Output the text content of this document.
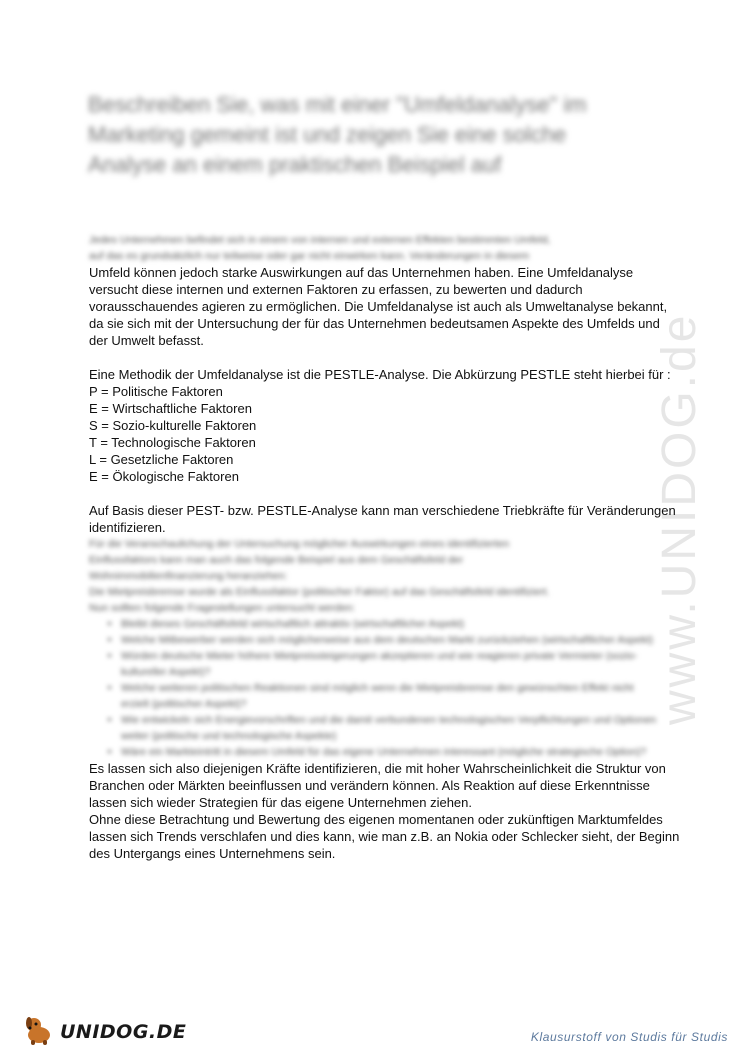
www.UNIDOG.de
Beschreiben Sie, was mit einer "Umfeldanalyse" im Marketing gemeint ist und zeigen Sie eine solche Analyse an einem praktischen Beispiel auf
Jedes Unternehmen befindet sich in einem von internen und externen Effekten bestimmten Umfeld,
auf das es grundsätzlich nur teilweise oder gar nicht einwirken kann. Veränderungen in diesem
Umfeld können jedoch starke Auswirkungen auf das Unternehmen haben. Eine Umfeldanalyse
versucht diese internen und externen Faktoren zu erfassen, zu bewerten und dadurch
vorausschauendes agieren zu ermöglichen. Die Umfeldanalyse ist auch als Umweltanalyse bekannt,
da sie sich mit der Untersuchung der für das Unternehmen bedeutsamen Aspekte des Umfelds und
der Umwelt befasst.
Eine Methodik der Umfeldanalyse ist die PESTLE-Analyse. Die Abkürzung PESTLE steht hierbei für :
P = Politische Faktoren
E = Wirtschaftliche Faktoren
S = Sozio-kulturelle Faktoren
T = Technologische Faktoren
L = Gesetzliche Faktoren
E = Ökologische Faktoren
Auf Basis dieser PEST- bzw. PESTLE-Analyse kann man verschiedene Triebkräfte für Veränderungen
identifizieren.
Für die Veranschaulichung der Untersuchung möglicher Auswirkungen eines identifizierten
Einflussfaktors kann man auch das folgende Beispiel aus dem Geschäftsfeld der
Wohnimmobilienfinanzierung heranziehen:
Die Mietpreisbremse wurde als Einflussfaktor (politischer Faktor) auf das Geschäftsfeld identifiziert.
Nun sollten folgende Fragestellungen untersucht werden:
• Bleibt dieses Geschäftsfeld wirtschaftlich attraktiv (wirtschaftlicher Aspekt)
• Welche Mitbewerber werden sich möglicherweise aus dem deutschen Markt zurückziehen (wirtschaftlicher Aspekt)
• Würden deutsche Mieter höhere Mietpreissteigerungen akzeptieren und wie reagieren private Vermieter (sozio-kultureller Aspekt)?
• Welche weiteren politischen Reaktionen sind möglich wenn die Mietpreisbremse den gewünschten Effekt nicht erzielt (politischer Aspekt)?
• Wie entwickeln sich Energievorschriften und die damit verbundenen technologischen Verpflichtungen und Optionen weiter (politische und technologische Aspekte)
• Wäre ein Markteintritt in diesem Umfeld für das eigene Unternehmen interessant (mögliche strategische Option)?
Es lassen sich also diejenigen Kräfte identifizieren, die mit hoher Wahrscheinlichkeit die Struktur von
Branchen oder Märkten beeinflussen und verändern können. Als Reaktion auf diese Erkenntnisse
lassen sich wieder Strategien für das eigene Unternehmen ziehen.
Ohne diese Betrachtung und Bewertung des eigenen momentanen oder zukünftigen Marktumfeldes
lassen sich Trends verschlafen und dies kann, wie man z.B. an Nokia oder Schlecker sieht, der Beginn
des Untergangs eines Unternehmens sein.
UNIDOG.DE	Klausurstoff von Studis für Studis
